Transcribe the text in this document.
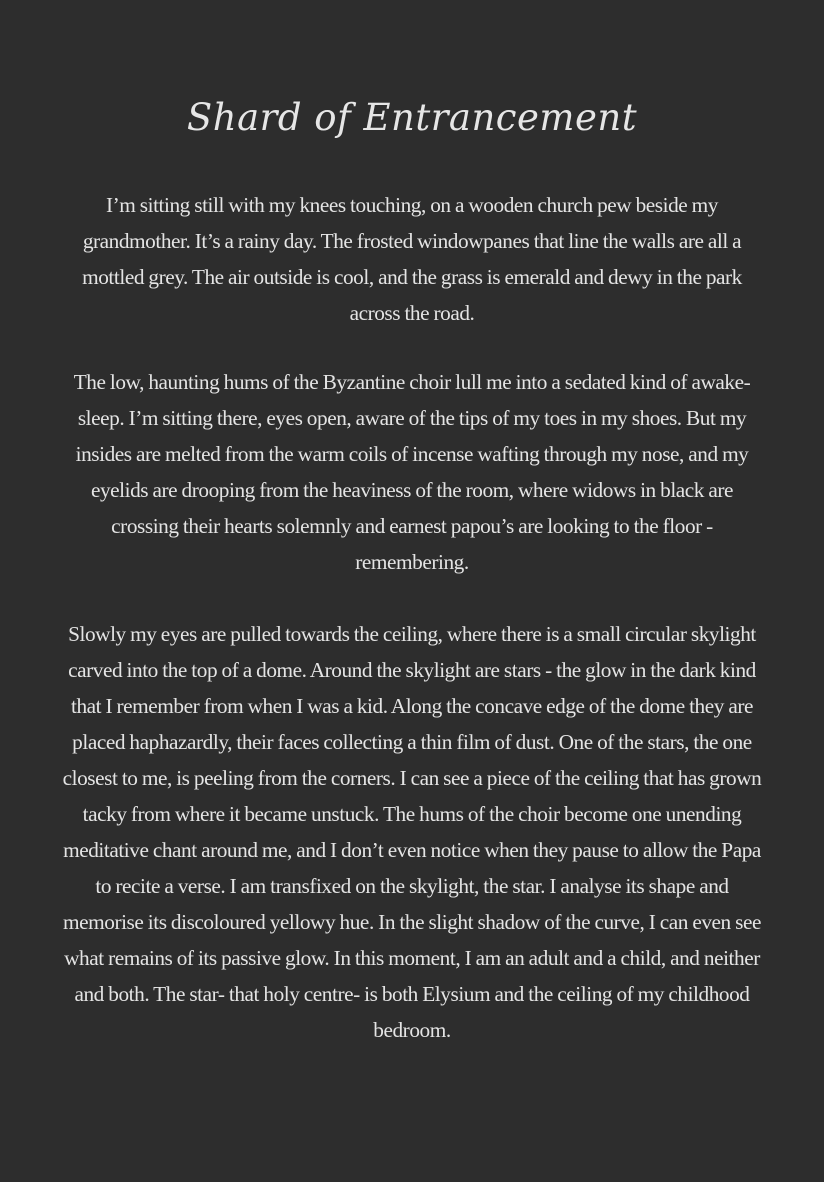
Shard of Entrancement

I’m sitting still with my knees touching, on a wooden church pew beside my grandmother. It’s a rainy day. The frosted windowpanes that line the walls are all a mottled grey. The air outside is cool, and the grass is emerald and dewy in the park across the road.

The low, haunting hums of the Byzantine choir lull me into a sedated kind of awake-sleep. I’m sitting there, eyes open, aware of the tips of my toes in my shoes. But my insides are melted from the warm coils of incense wafting through my nose, and my eyelids are drooping from the heaviness of the room, where widows in black are crossing their hearts solemnly and earnest papou’s are looking to the floor - remembering.

Slowly my eyes are pulled towards the ceiling, where there is a small circular skylight carved into the top of a dome. Around the skylight are stars - the glow in the dark kind that I remember from when I was a kid. Along the concave edge of the dome they are placed haphazardly, their faces collecting a thin film of dust. One of the stars, the one closest to me, is peeling from the corners. I can see a piece of the ceiling that has grown tacky from where it became unstuck. The hums of the choir become one unending meditative chant around me, and I don’t even notice when they pause to allow the Papa to recite a verse. I am transfixed on the skylight, the star. I analyse its shape and memorise its discoloured yellowy hue. In the slight shadow of the curve, I can even see what remains of its passive glow. In this moment, I am an adult and a child, and neither and both. The star- that holy centre- is both Elysium and the ceiling of my childhood bedroom.
